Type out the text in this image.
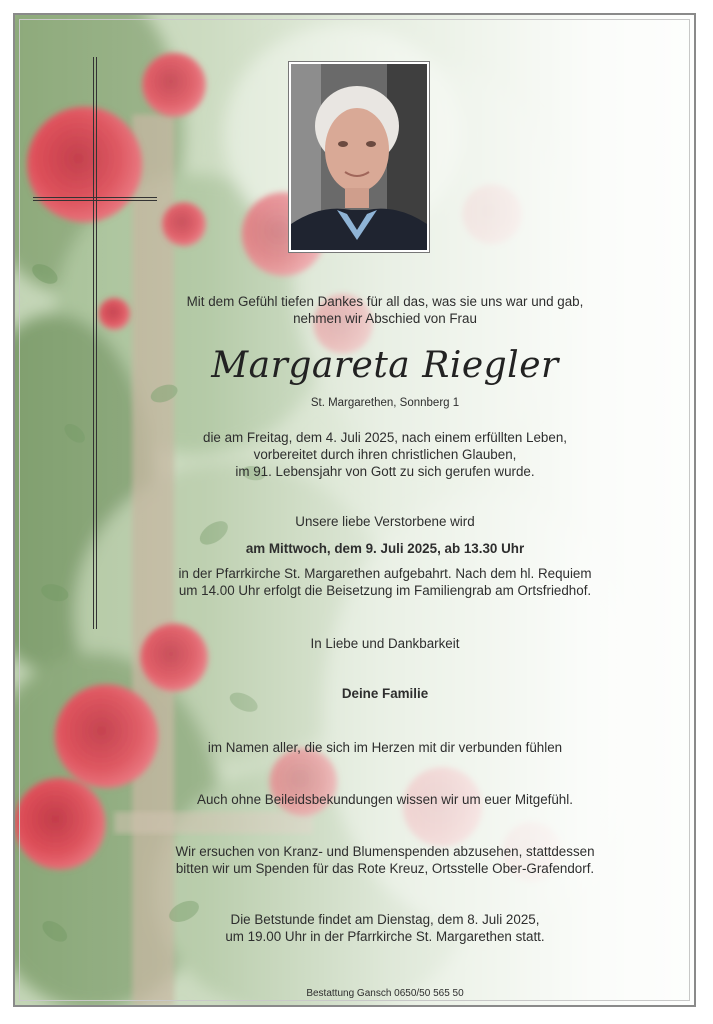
Mit dem Gefühl tiefen Dankes für all das, was sie uns war und gab,
nehmen wir Abschied von Frau
Margareta Riegler
St. Margarethen, Sonnberg 1
die am Freitag, dem 4. Juli 2025, nach einem erfüllten Leben,
vorbereitet durch ihren christlichen Glauben,
im 91. Lebensjahr von Gott zu sich gerufen wurde.
Unsere liebe Verstorbene wird
am Mittwoch, dem 9. Juli 2025, ab 13.30 Uhr
in der Pfarrkirche St. Margarethen aufgebahrt. Nach dem hl. Requiem
um 14.00 Uhr erfolgt die Beisetzung im Familiengrab am Ortsfriedhof.
In Liebe und Dankbarkeit
Deine Familie
im Namen aller, die sich im Herzen mit dir verbunden fühlen
Auch ohne Beileidsbekundungen wissen wir um euer Mitgefühl.
Wir ersuchen von Kranz- und Blumenspenden abzusehen, stattdessen
bitten wir um Spenden für das Rote Kreuz, Ortsstelle Ober-Grafendorf.
Die Betstunde findet am Dienstag, dem 8. Juli 2025,
um 19.00 Uhr in der Pfarrkirche St. Margarethen statt.
Bestattung Gansch 0650/50 565 50
